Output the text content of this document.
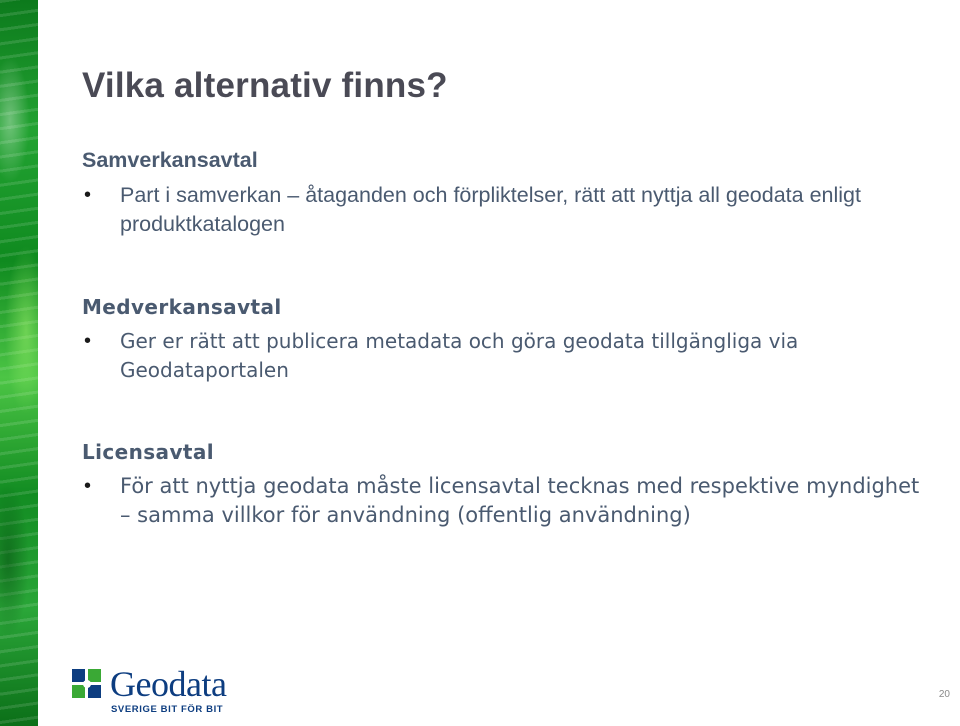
Vilka alternativ finns?
Samverkansavtal
• Part i samverkan – åtaganden och förpliktelser, rätt att nyttja all geodata enligt produktkatalogen
Medverkansavtal
• Ger er rätt att publicera metadata och göra geodata tillgängliga via Geodataportalen
Licensavtal
• För att nyttja geodata måste licensavtal tecknas med respektive myndighet – samma villkor för användning (offentlig användning)
Geodata
SVERIGE BIT FÖR BIT
20
